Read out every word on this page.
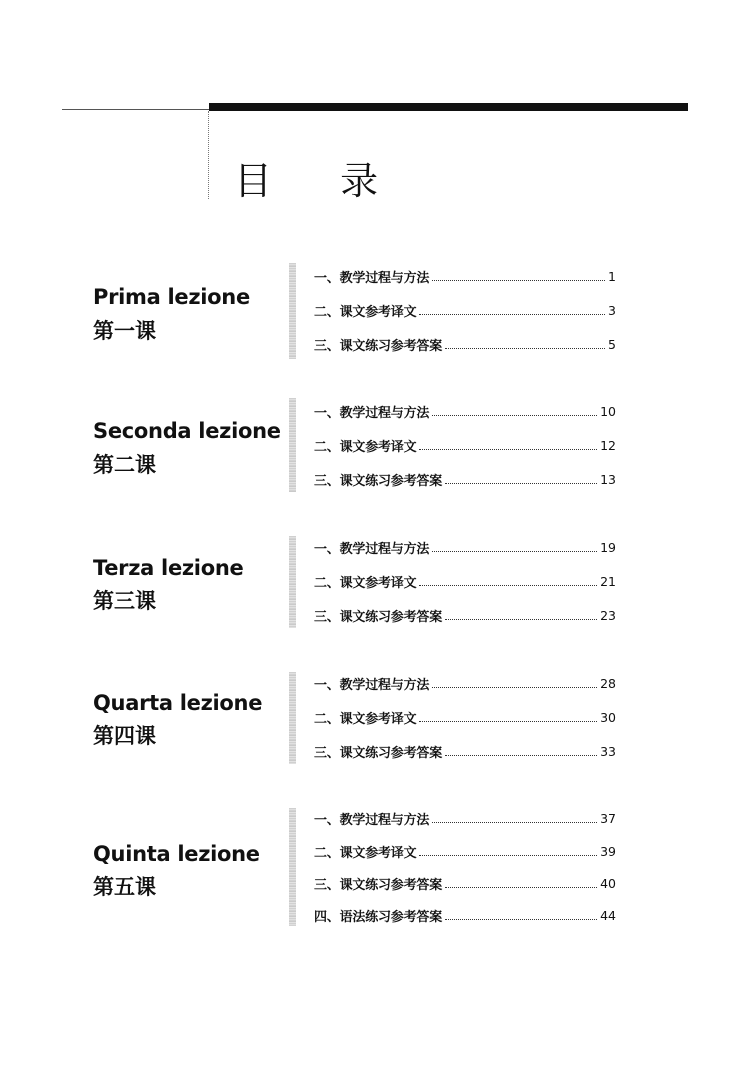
目 录
Prima lezione
第一课
一、教学过程与方法	1
二、课文参考译文	3
三、课文练习参考答案	5
Seconda lezione
第二课
一、教学过程与方法	10
二、课文参考译文	12
三、课文练习参考答案	13
Terza lezione
第三课
一、教学过程与方法	19
二、课文参考译文	21
三、课文练习参考答案	23
Quarta lezione
第四课
一、教学过程与方法	28
二、课文参考译文	30
三、课文练习参考答案	33
Quinta lezione
第五课
一、教学过程与方法	37
二、课文参考译文	39
三、课文练习参考答案	40
四、语法练习参考答案	44
